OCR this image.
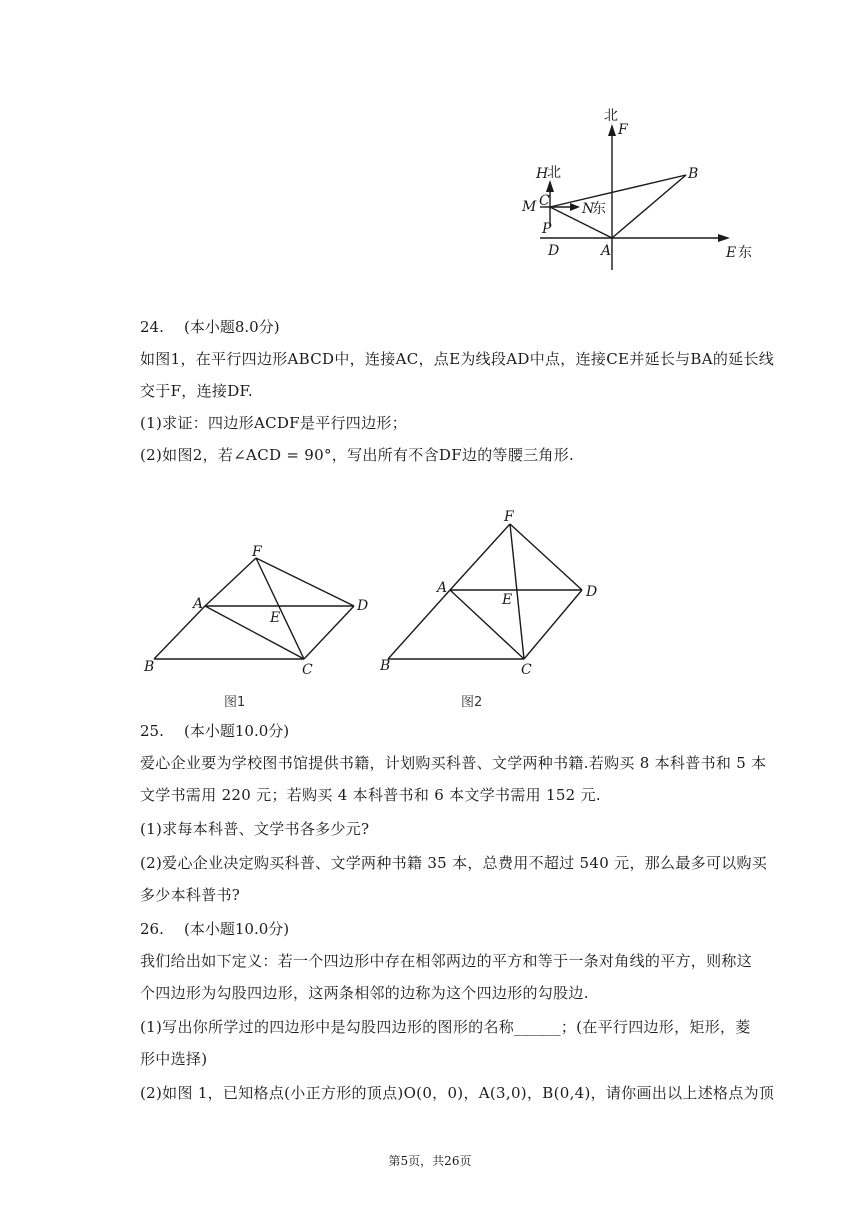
北
F
H
北	B
M C N
东
P
D	A	E 东
24. (本小题8.0分)
如图1，在平行四边形ABCD中，连接AC，点E为线段AD中点，连接CE并延长与BA的延长线
交于F，连接DF.
(1)求证：四边形ACDF是平行四边形；
(2)如图2，若∠ACD = 90°，写出所有不含DF边的等腰三角形.
F
A
E
D
B	C
图1
F
A
E	D
B	C
图2
25. (本小题10.0分)
爱心企业要为学校图书馆提供书籍，计划购买科普、文学两种书籍.若购买 8 本科普书和 5 本
文学书需用 220 元；若购买 4 本科普书和 6 本文学书需用 152 元.
(1)求每本科普、文学书各多少元?
(2)爱心企业决定购买科普、文学两种书籍 35 本，总费用不超过 540 元，那么最多可以购买
多少本科普书?
26. (本小题10.0分)
我们给出如下定义：若一个四边形中存在相邻两边的平方和等于一条对角线的平方，则称这
个四边形为勾股四边形，这两条相邻的边称为这个四边形的勾股边.
(1)写出你所学过的四边形中是勾股四边形的图形的名称______；(在平行四边形，矩形，菱
形中选择)
(2)如图 1，已知格点(小正方形的顶点)O(0，0)，A(3,0)，B(0,4)，请你画出以上述格点为顶
第5页，共26页
